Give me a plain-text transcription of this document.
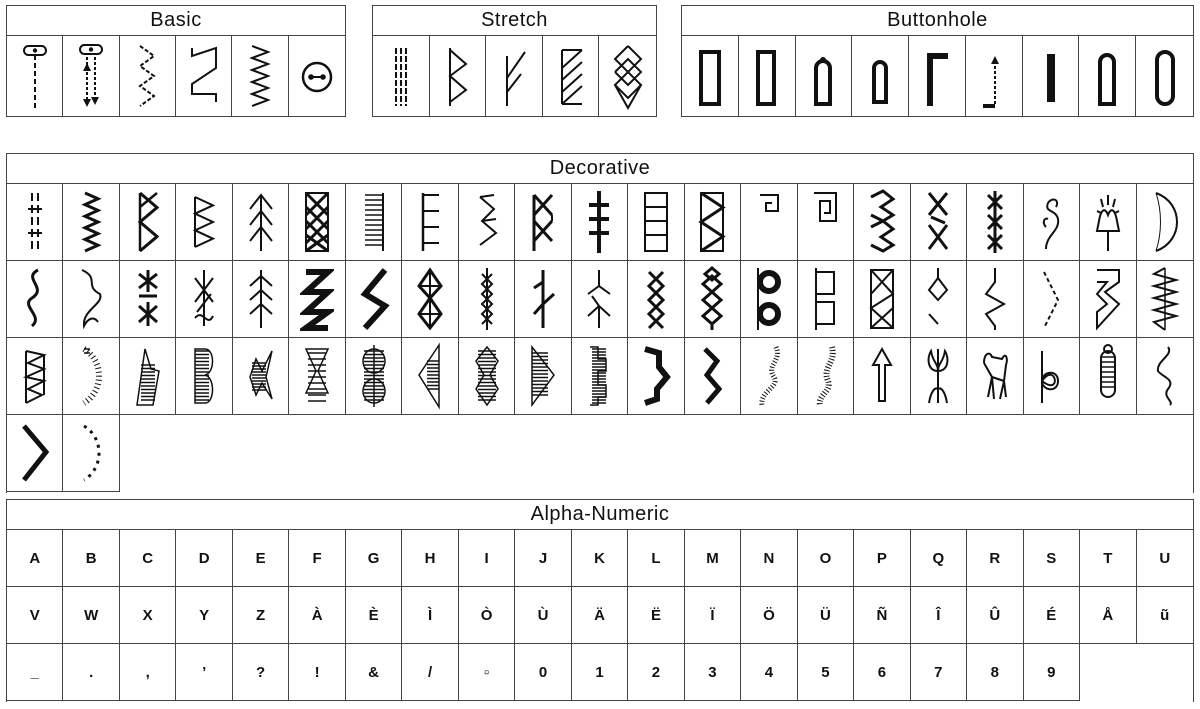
Basic	Stretch	Buttonhole
Decorative
Alpha-Numeric
A	B	C	D	E	F	G	H	I	J	K	L	M	N	O	P	Q	R	S	T	U
V	W	X	Y	Z	À	È	Ì	Ò	Ù	Ä	Ë	Ï	Ö	Ü	Ñ	Î	Û	É	Å	ũ
_	.	,	’	?	!	&	/	▫	0	1	2	3	4	5	6	7	8	9
